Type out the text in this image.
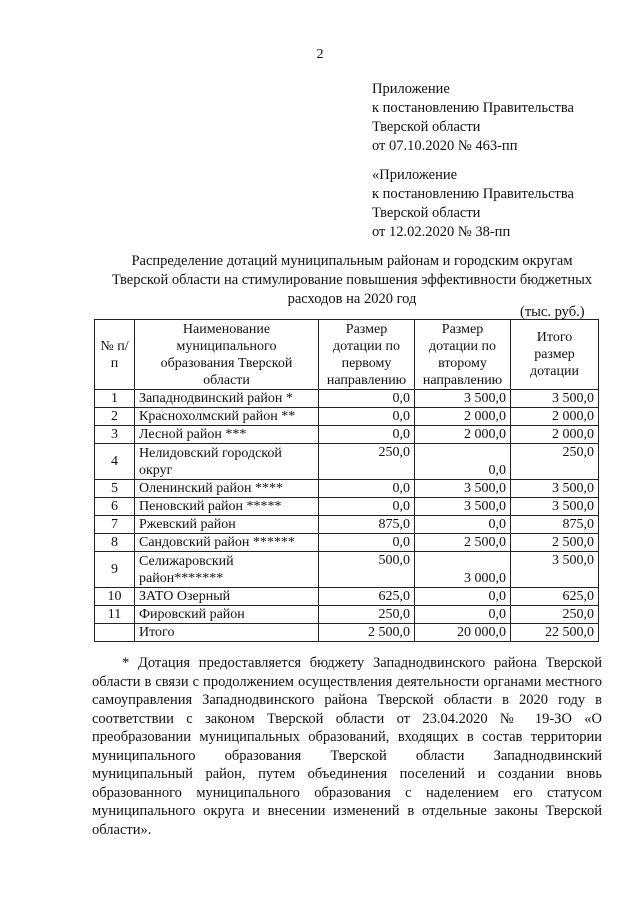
2
Приложение
к постановлению Правительства
Тверской области
от 07.10.2020 № 463-пп
«Приложение
к постановлению Правительства
Тверской области
от 12.02.2020 № 38-пп
Распределение дотаций муниципальным районам и городским округам
Тверской области на стимулирование повышения эффективности бюджетных
расходов на 2020 год
(тыс. руб.)
№ п/п	Наименование муниципального образования Тверской области	Размер дотации по первому направлению	Размер дотации по второму направлению	Итого размер дотации
1	Западнодвинский район *	0,0	3 500,0	3 500,0
2	Краснохолмский район **	0,0	2 000,0	2 000,0
3	Лесной район ***	0,0	2 000,0	2 000,0
4	Нелидовский городской округ	250,0	0,0	250,0
5	Оленинский район ****	0,0	3 500,0	3 500,0
6	Пеновский район *****	0,0	3 500,0	3 500,0
7	Ржевский район	875,0	0,0	875,0
8	Сандовский район ******	0,0	2 500,0	2 500,0
9	Селижаровский район*******	500,0	3 000,0	3 500,0
10	ЗАТО Озерный	625,0	0,0	625,0
11	Фировский район	250,0	0,0	250,0
	Итого	2 500,0	20 000,0	22 500,0
* Дотация предоставляется бюджету Западнодвинского района Тверской области в связи с продолжением осуществления деятельности органами местного самоуправления Западнодвинского района Тверской области в 2020 году в соответствии с законом Тверской области от 23.04.2020 № 19-ЗО «О преобразовании муниципальных образований, входящих в состав территории муниципального образования Тверской области Западнодвинский муниципальный район, путем объединения поселений и создании вновь образованного муниципального образования с наделением его статусом муниципального округа и внесении изменений в отдельные законы Тверской области».
